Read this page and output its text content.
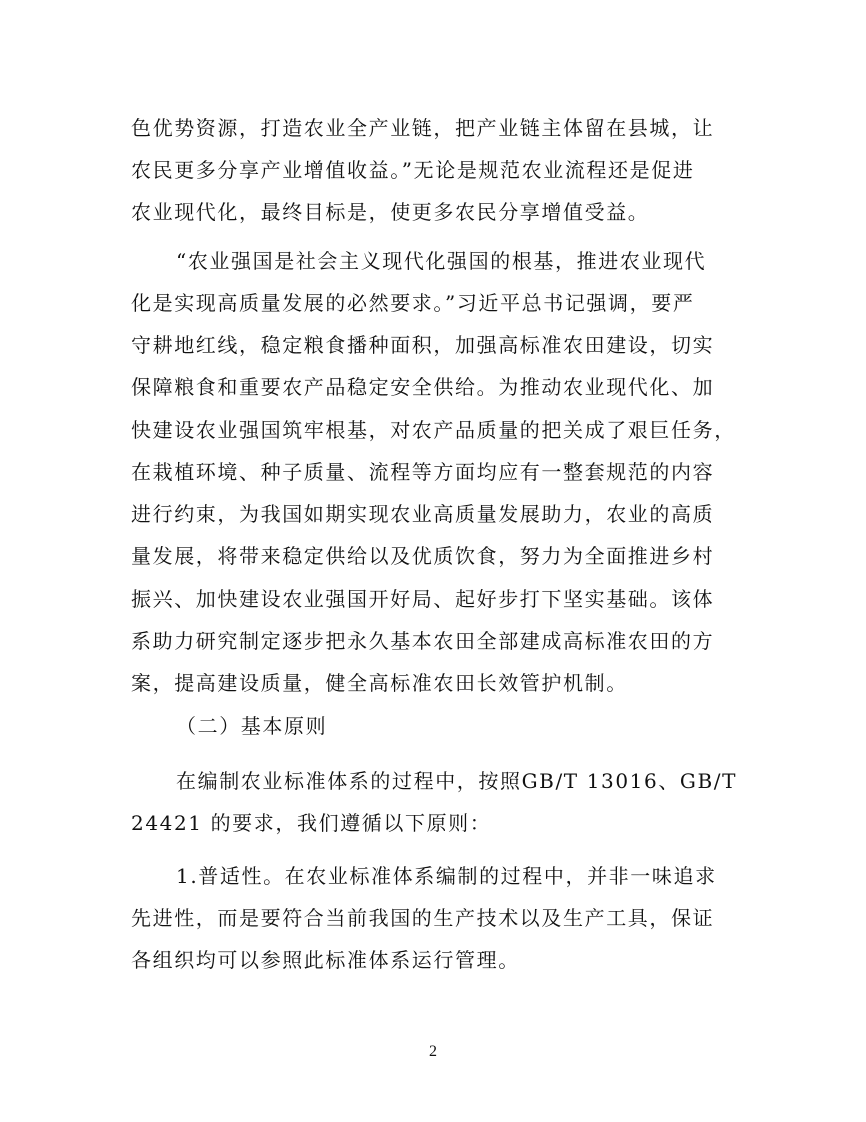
色优势资源，打造农业全产业链，把产业链主体留在县城，让
农民更多分享产业增值收益。”无论是规范农业流程还是促进
农业现代化，最终目标是，使更多农民分享增值受益。
“农业强国是社会主义现代化强国的根基，推进农业现代
化是实现高质量发展的必然要求。”习近平总书记强调，要严
守耕地红线，稳定粮食播种面积，加强高标准农田建设，切实
保障粮食和重要农产品稳定安全供给。为推动农业现代化、加
快建设农业强国筑牢根基，对农产品质量的把关成了艰巨任务，
在栽植环境、种子质量、流程等方面均应有一整套规范的内容
进行约束，为我国如期实现农业高质量发展助力，农业的高质
量发展，将带来稳定供给以及优质饮食，努力为全面推进乡村
振兴、加快建设农业强国开好局、起好步打下坚实基础。该体
系助力研究制定逐步把永久基本农田全部建成高标准农田的方
案，提高建设质量，健全高标准农田长效管护机制。
（二）基本原则
在编制农业标准体系的过程中，按照GB/T 13016、GB/T
24421 的要求，我们遵循以下原则：
1.普适性。在农业标准体系编制的过程中，并非一味追求
先进性，而是要符合当前我国的生产技术以及生产工具，保证
各组织均可以参照此标准体系运行管理。
2
